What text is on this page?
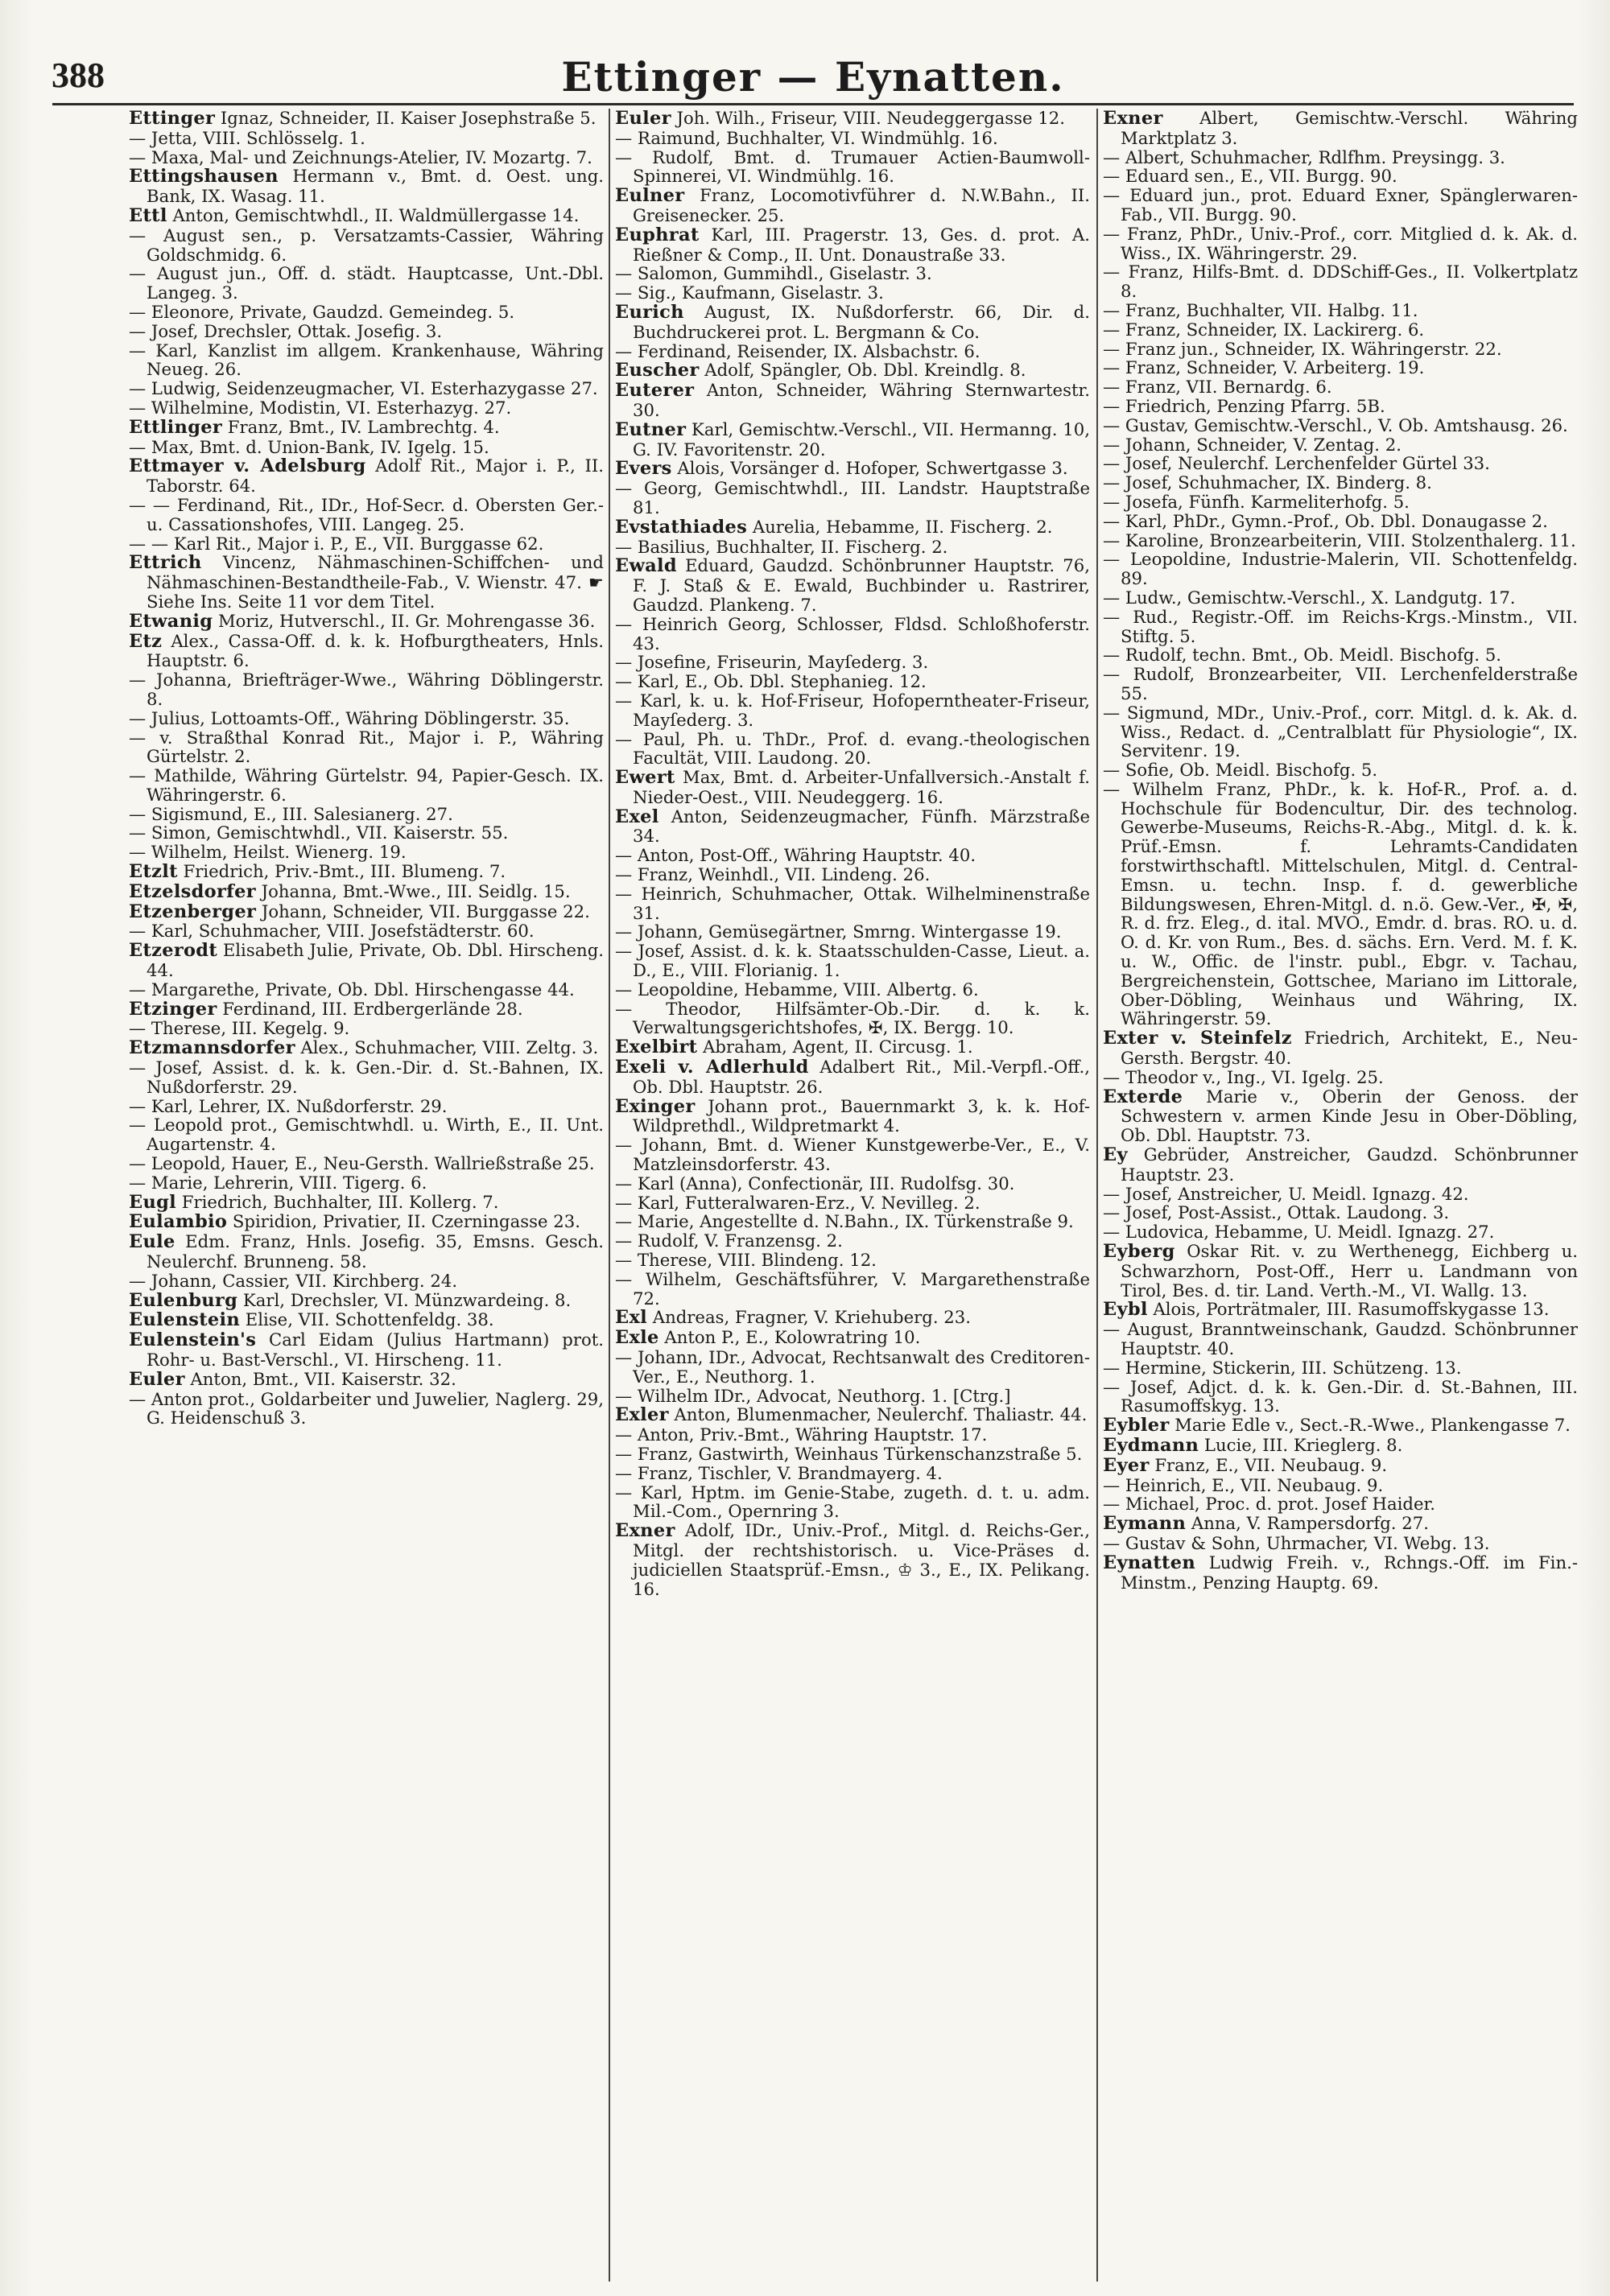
388	Ettinger — Eynatten.
Ettinger Ignaz, Schneider, II. Kaiser Josephstraße 5.
— Jetta, VIII. Schlösselg. 1.
— Maxa, Mal- und Zeichnungs-Atelier, IV. Mozartg. 7.
Ettingshausen Hermann v., Bmt. d. Oest. ung. Bank, IX. Wasag. 11.
Ettl Anton, Gemischtwhdl., II. Waldmüllergasse 14.
— August sen., p. Versatzamts-Cassier, Währing Goldschmidg. 6.
— August jun., Off. d. städt. Hauptcasse, Unt.-Dbl. Langeg. 3.
— Eleonore, Private, Gaudzd. Gemeindeg. 5.
— Josef, Drechsler, Ottak. Josefig. 3.
— Karl, Kanzlist im allgem. Krankenhause, Währing Neueg. 26.
— Ludwig, Seidenzeugmacher, VI. Esterhazygasse 27.
— Wilhelmine, Modistin, VI. Esterhazyg. 27.
Ettlinger Franz, Bmt., IV. Lambrechtg. 4.
— Max, Bmt. d. Union-Bank, IV. Igelg. 15.
Ettmayer v. Adelsburg Adolf Rit., Major i. P., II. Taborstr. 64.
— — Ferdinand, Rit., IDr., Hof-Secr. d. Obersten Ger.- u. Cassationshofes, VIII. Langeg. 25.
— — Karl Rit., Major i. P., E., VII. Burggasse 62.
Ettrich Vincenz, Nähmaschinen-Schiffchen- und Nähmaschinen-Bestandtheile-Fab., V. Wienstr. 47. ☛ Siehe Ins. Seite 11 vor dem Titel.
Etwanig Moriz, Hutverschl., II. Gr. Mohrengasse 36.
Etz Alex., Cassa-Off. d. k. k. Hofburgtheaters, Hnls. Hauptstr. 6.
— Johanna, Briefträger-Wwe., Währing Döblingerstr. 8.
— Julius, Lottoamts-Off., Währing Döblingerstr. 35.
— v. Straßthal Konrad Rit., Major i. P., Währing Gürtelstr. 2.
— Mathilde, Währing Gürtelstr. 94, Papier-Gesch. IX. Währingerstr. 6.
— Sigismund, E., III. Salesianerg. 27.
— Simon, Gemischtwhdl., VII. Kaiserstr. 55.
— Wilhelm, Heilst. Wienerg. 19.
Etzlt Friedrich, Priv.-Bmt., III. Blumeng. 7.
Etzelsdorfer Johanna, Bmt.-Wwe., III. Seidlg. 15.
Etzenberger Johann, Schneider, VII. Burggasse 22.
— Karl, Schuhmacher, VIII. Josefstädterstr. 60.
Etzerodt Elisabeth Julie, Private, Ob. Dbl. Hirscheng. 44.
— Margarethe, Private, Ob. Dbl. Hirschengasse 44.
Etzinger Ferdinand, III. Erdbergerlände 28.
— Therese, III. Kegelg. 9.
Etzmannsdorfer Alex., Schuhmacher, VIII. Zeltg. 3.
— Josef, Assist. d. k. k. Gen.-Dir. d. St.-Bahnen, IX. Nußdorferstr. 29.
— Karl, Lehrer, IX. Nußdorferstr. 29.
— Leopold prot., Gemischtwhdl. u. Wirth, E., II. Unt. Augartenstr. 4.
— Leopold, Hauer, E., Neu-Gersth. Wallrießstraße 25.
— Marie, Lehrerin, VIII. Tigerg. 6.
Eugl Friedrich, Buchhalter, III. Kollerg. 7.
Eulambio Spiridion, Privatier, II. Czerningasse 23.
Eule Edm. Franz, Hnls. Josefig. 35, Emsns. Gesch. Neulerchf. Brunneng. 58.
— Johann, Cassier, VII. Kirchberg. 24.
Eulenburg Karl, Drechsler, VI. Münzwardeing. 8.
Eulenstein Elise, VII. Schottenfeldg. 38.
Eulenstein's Carl Eidam (Julius Hartmann) prot. Rohr- u. Bast-Verschl., VI. Hirscheng. 11.
Euler Anton, Bmt., VII. Kaiserstr. 32.
— Anton prot., Goldarbeiter und Juwelier, Naglerg. 29, G. Heidenschuß 3.
Euler Joh. Wilh., Friseur, VIII. Neudeggergasse 12.
— Raimund, Buchhalter, VI. Windmühlg. 16.
— Rudolf, Bmt. d. Trumauer Actien-Baumwoll-Spinnerei, VI. Windmühlg. 16.
Eulner Franz, Locomotivführer d. N.W.Bahn., II. Greisenecker. 25.
Euphrat Karl, III. Pragerstr. 13, Ges. d. prot. A. Rießner & Comp., II. Unt. Donaustraße 33.
— Salomon, Gummihdl., Giselastr. 3.
— Sig., Kaufmann, Giselastr. 3.
Eurich August, IX. Nußdorferstr. 66, Dir. d. Buchdruckerei prot. L. Bergmann & Co.
— Ferdinand, Reisender, IX. Alsbachstr. 6.
Euscher Adolf, Spängler, Ob. Dbl. Kreindlg. 8.
Euterer Anton, Schneider, Währing Sternwartestr. 30.
Eutner Karl, Gemischtw.-Verschl., VII. Hermanng. 10, G. IV. Favoritenstr. 20.
Evers Alois, Vorsänger d. Hofoper, Schwertgasse 3.
— Georg, Gemischtwhdl., III. Landstr. Hauptstraße 81.
Evstathiades Aurelia, Hebamme, II. Fischerg. 2.
— Basilius, Buchhalter, II. Fischerg. 2.
Ewald Eduard, Gaudzd. Schönbrunner Hauptstr. 76, F. J. Staß & E. Ewald, Buchbinder u. Rastrirer, Gaudzd. Plankeng. 7.
— Heinrich Georg, Schlosser, Fldsd. Schloßhoferstr. 43.
— Josefine, Friseurin, Mayſederg. 3.
— Karl, E., Ob. Dbl. Stephanieg. 12.
— Karl, k. u. k. Hof-Friseur, Hofoperntheater-Friseur, Mayſederg. 3.
— Paul, Ph. u. ThDr., Prof. d. evang.-theologischen Facultät, VIII. Laudong. 20.
Ewert Max, Bmt. d. Arbeiter-Unfallversich.-Anstalt f. Nieder-Oest., VIII. Neudeggerg. 16.
Exel Anton, Seidenzeugmacher, Fünfh. Märzstraße 34.
— Anton, Post-Off., Währing Hauptstr. 40.
— Franz, Weinhdl., VII. Lindeng. 26.
— Heinrich, Schuhmacher, Ottak. Wilhelminenstraße 31.
— Johann, Gemüsegärtner, Smrng. Wintergasse 19.
— Josef, Assist. d. k. k. Staatsschulden-Casse, Lieut. a. D., E., VIII. Florianig. 1.
— Leopoldine, Hebamme, VIII. Albertg. 6.
— Theodor, Hilfsämter-Ob.-Dir. d. k. k. Verwaltungsgerichtshofes, ✠, IX. Bergg. 10.
Exelbirt Abraham, Agent, II. Circusg. 1.
Exeli v. Adlerhuld Adalbert Rit., Mil.-Verpfl.-Off., Ob. Dbl. Hauptstr. 26.
Exinger Johann prot., Bauernmarkt 3, k. k. Hof-Wildprethdl., Wildpretmarkt 4.
— Johann, Bmt. d. Wiener Kunstgewerbe-Ver., E., V. Matzleinsdorferstr. 43.
— Karl (Anna), Confectionär, III. Rudolfsg. 30.
— Karl, Futteralwaren-Erz., V. Nevilleg. 2.
— Marie, Angestellte d. N.Bahn., IX. Türkenstraße 9.
— Rudolf, V. Franzensg. 2.
— Therese, VIII. Blindeng. 12.
— Wilhelm, Geschäftsführer, V. Margarethenstraße 72.
Exl Andreas, Fragner, V. Kriehuberg. 23.
Exle Anton P., E., Kolowratring 10.
— Johann, IDr., Advocat, Rechtsanwalt des Creditoren-Ver., E., Neuthorg. 1.
— Wilhelm IDr., Advocat, Neuthorg. 1. [Ctrg.]
Exler Anton, Blumenmacher, Neulerchf. Thaliastr. 44.
— Anton, Priv.-Bmt., Währing Hauptstr. 17.
— Franz, Gastwirth, Weinhaus Türkenschanzstraße 5.
— Franz, Tischler, V. Brandmayerg. 4.
— Karl, Hptm. im Genie-Stabe, zugeth. d. t. u. adm. Mil.-Com., Opernring 3.
Exner Adolf, IDr., Univ.-Prof., Mitgl. d. Reichs-Ger., Mitgl. der rechtshistorisch. u. Vice-Präses d. judiciellen Staatsprüf.-Emsn., ♔ 3., E., IX. Pelikang. 16.
Exner Albert, Gemischtw.-Verschl. Währing Marktplatz 3.
— Albert, Schuhmacher, Rdlfhm. Preysingg. 3.
— Eduard sen., E., VII. Burgg. 90.
— Eduard jun., prot. Eduard Exner, Spänglerwaren-Fab., VII. Burgg. 90.
— Franz, PhDr., Univ.-Prof., corr. Mitglied d. k. Ak. d. Wiss., IX. Währingerstr. 29.
— Franz, Hilfs-Bmt. d. DDSchiff-Ges., II. Volkertplatz 8.
— Franz, Buchhalter, VII. Halbg. 11.
— Franz, Schneider, IX. Lackirerg. 6.
— Franz jun., Schneider, IX. Währingerstr. 22.
— Franz, Schneider, V. Arbeiterg. 19.
— Franz, VII. Bernardg. 6.
— Friedrich, Penzing Pfarrg. 5B.
— Gustav, Gemischtw.-Verschl., V. Ob. Amtshausg. 26.
— Johann, Schneider, V. Zentag. 2.
— Josef, Neulerchf. Lerchenfelder Gürtel 33.
— Josef, Schuhmacher, IX. Binderg. 8.
— Josefa, Fünfh. Karmeliterhofg. 5.
— Karl, PhDr., Gymn.-Prof., Ob. Dbl. Donaugasse 2.
— Karoline, Bronzearbeiterin, VIII. Stolzenthalerg. 11.
— Leopoldine, Industrie-Malerin, VII. Schottenfeldg. 89.
— Ludw., Gemischtw.-Verschl., X. Landgutg. 17.
— Rud., Registr.-Off. im Reichs-Krgs.-Minstm., VII. Stiftg. 5.
— Rudolf, techn. Bmt., Ob. Meidl. Bischofg. 5.
— Rudolf, Bronzearbeiter, VII. Lerchenfelderstraße 55.
— Sigmund, MDr., Univ.-Prof., corr. Mitgl. d. k. Ak. d. Wiss., Redact. d. „Centralblatt für Physiologie“, IX. Servitenг. 19.
— Sofie, Ob. Meidl. Bischofg. 5.
— Wilhelm Franz, PhDr., k. k. Hof-R., Prof. a. d. Hochschule für Bodencultur, Dir. des technolog. Gewerbe-Museums, Reichs-R.-Abg., Mitgl. d. k. k. Prüf.-Emsn. f. Lehramts-Candidaten forstwirthschaftl. Mittelschulen, Mitgl. d. Central-Emsn. u. techn. Insp. f. d. gewerbliche Bildungswesen, Ehren-Mitgl. d. n.ö. Gew.-Ver., ✠, ✠, R. d. frz. Eleg., d. ital. MVO., Emdr. d. bras. RO. u. d. O. d. Kr. von Rum., Bes. d. sächs. Ern. Verd. M. f. K. u. W., Offic. de l'instr. publ., Ebgr. v. Tachau, Bergreichenstein, Gottschee, Mariano im Littorale, Ober-Döbling, Weinhaus und Währing, IX. Währingerstr. 59.
Exter v. Steinfelz Friedrich, Architekt, E., Neu-Gersth. Bergstr. 40.
— Theodor v., Ing., VI. Igelg. 25.
Exterde Marie v., Oberin der Genoss. der Schwestern v. armen Kinde Jesu in Ober-Döbling, Ob. Dbl. Hauptstr. 73.
Ey Gebrüder, Anstreicher, Gaudzd. Schönbrunner Hauptstr. 23.
— Josef, Anstreicher, U. Meidl. Ignazg. 42.
— Josef, Post-Assist., Ottak. Laudong. 3.
— Ludovica, Hebamme, U. Meidl. Ignazg. 27.
Eyberg Oskar Rit. v. zu Werthenegg, Eichberg u. Schwarzhorn, Post-Off., Herr u. Landmann von Tirol, Bes. d. tir. Land. Verth.-M., VI. Wallg. 13.
Eybl Alois, Porträtmaler, III. Rasumoffskygasse 13.
— August, Branntweinschank, Gaudzd. Schönbrunner Hauptstr. 40.
— Hermine, Stickerin, III. Schützeng. 13.
— Josef, Adjct. d. k. k. Gen.-Dir. d. St.-Bahnen, III. Rasumoffskyg. 13.
Eybler Marie Edle v., Sect.-R.-Wwe., Plankengasse 7.
Eydmann Lucie, III. Krieglerg. 8.
Eyer Franz, E., VII. Neubaug. 9.
— Heinrich, E., VII. Neubaug. 9.
— Michael, Proc. d. prot. Josef Haider.
Eymann Anna, V. Rampersdorfg. 27.
— Gustav & Sohn, Uhrmacher, VI. Webg. 13.
Eynatten Ludwig Freih. v., Rchngs.-Off. im Fin.-Minstm., Penzing Hauptg. 69.
